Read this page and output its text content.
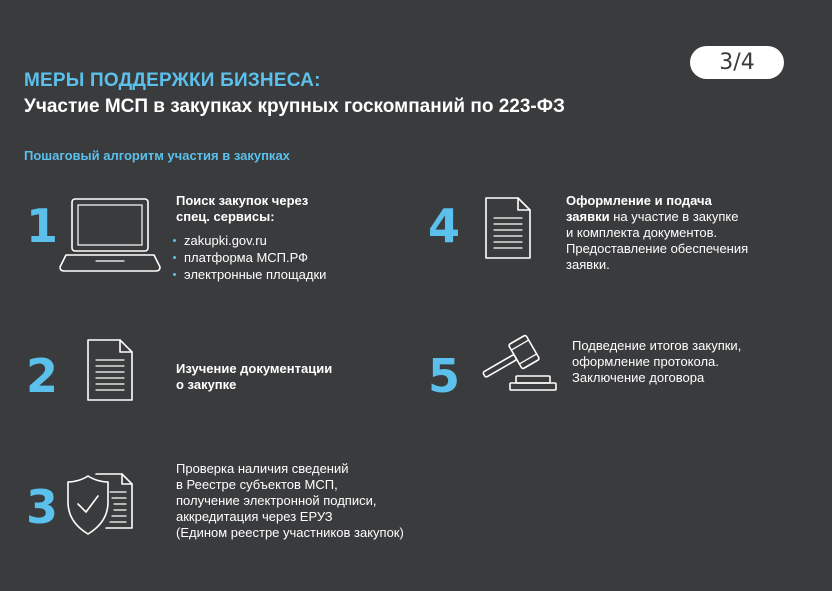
3/4
МЕРЫ ПОДДЕРЖКИ БИЗНЕСА:
Участие МСП в закупках крупных госкомпаний по 223-ФЗ
Пошаговый алгоритм участия в закупках
1	Поиск закупок через
спец. сервисы:
zakupki.gov.ru
платформа МСП.РФ
электронные площадки
2	Изучение документации
о закупке
3
Проверка наличия сведений
в Реестре субъектов МСП,
получение электронной подписи,
аккредитация через ЕРУЗ
(Едином реестре участников закупок)
4	Оформление и подача
заявки на участие в закупке
и комплекта документов.
Предоставление обеспечения
заявки.
5
Подведение итогов закупки,
оформление протокола.
Заключение договора
